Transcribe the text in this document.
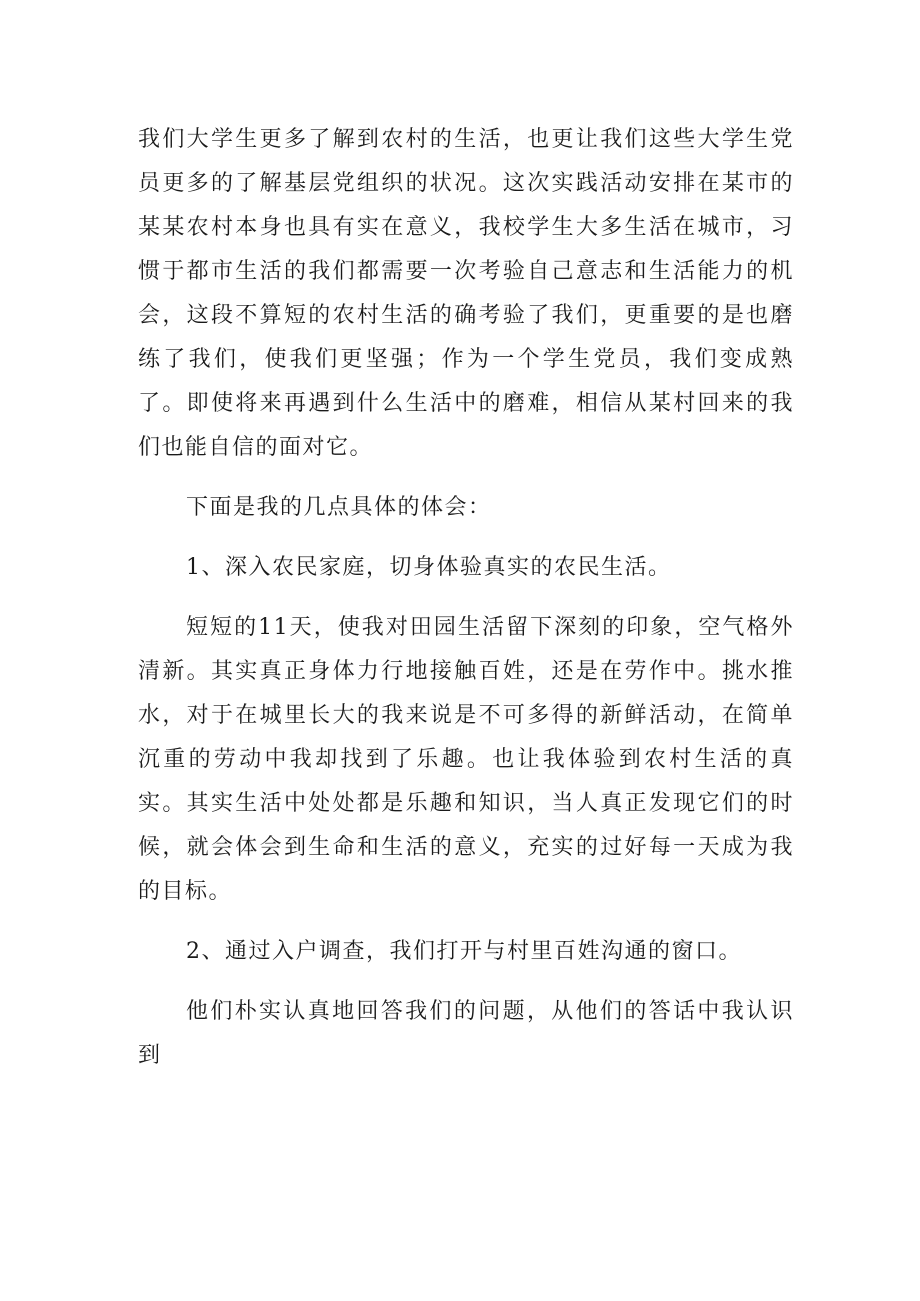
我们大学生更多了解到农村的生活，也更让我们这些大学生党员更多的了解基层党组织的状况。这次实践活动安排在某市的某某农村本身也具有实在意义，我校学生大多生活在城市，习惯于都市生活的我们都需要一次考验自己意志和生活能力的机会，这段不算短的农村生活的确考验了我们，更重要的是也磨练了我们，使我们更坚强；作为一个学生党员，我们变成熟了。即使将来再遇到什么生活中的磨难，相信从某村回来的我们也能自信的面对它。

下面是我的几点具体的体会：

1、深入农民家庭，切身体验真实的农民生活。

短短的11天，使我对田园生活留下深刻的印象，空气格外清新。其实真正身体力行地接触百姓，还是在劳作中。挑水推水，对于在城里长大的我来说是不可多得的新鲜活动，在简单沉重的劳动中我却找到了乐趣。也让我体验到农村生活的真实。其实生活中处处都是乐趣和知识，当人真正发现它们的时候，就会体会到生命和生活的意义，充实的过好每一天成为我的目标。

2、通过入户调查，我们打开与村里百姓沟通的窗口。

他们朴实认真地回答我们的问题，从他们的答话中我认识到
